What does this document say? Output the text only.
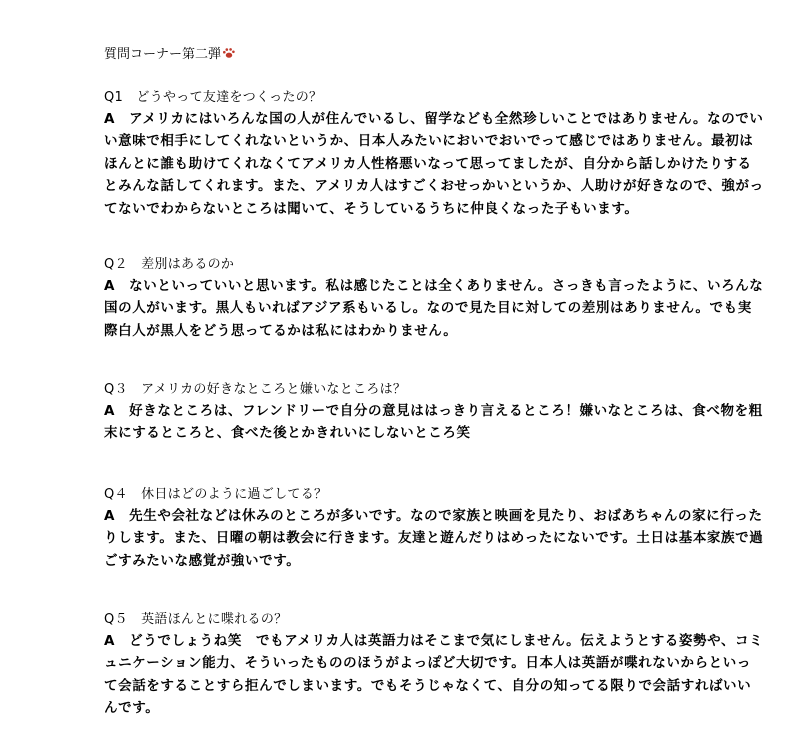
質問コーナー第二弾
Q1　どうやって友達をつくったの？
A　アメリカにはいろんな国の人が住んでいるし、留学なども全然珍しいことではありません。なのでいい意味で相手にしてくれないというか、日本人みたいにおいでおいでって感じではありません。最初はほんとに誰も助けてくれなくてアメリカ人性格悪いなって思ってましたが、自分から話しかけたりするとみんな話してくれます。また、アメリカ人はすごくおせっかいというか、人助けが好きなので、強がってないでわからないところは聞いて、そうしているうちに仲良くなった子もいます。
Q２　差別はあるのか
A　ないといっていいと思います。私は感じたことは全くありません。さっきも言ったように、いろんな国の人がいます。黒人もいればアジア系もいるし。なので見た目に対しての差別はありません。でも実際白人が黒人をどう思ってるかは私にはわかりません。
Q３　アメリカの好きなところと嫌いなところは？
A　好きなところは、フレンドリーで自分の意見ははっきり言えるところ！嫌いなところは、食べ物を粗末にするところと、食べた後とかきれいにしないところ笑
Q４　休日はどのように過ごしてる？
A　先生や会社などは休みのところが多いです。なので家族と映画を見たり、おばあちゃんの家に行ったりします。また、日曜の朝は教会に行きます。友達と遊んだりはめったにないです。土日は基本家族で過ごすみたいな感覚が強いです。
Q５　英語ほんとに喋れるの？
A　どうでしょうね笑　でもアメリカ人は英語力はそこまで気にしません。伝えようとする姿勢や、コミュニケーション能力、そういったもののほうがよっぽど大切です。日本人は英語が喋れないからといって会話をすることすら拒んでしまいます。でもそうじゃなくて、自分の知ってる限りで会話すればいいんです。
